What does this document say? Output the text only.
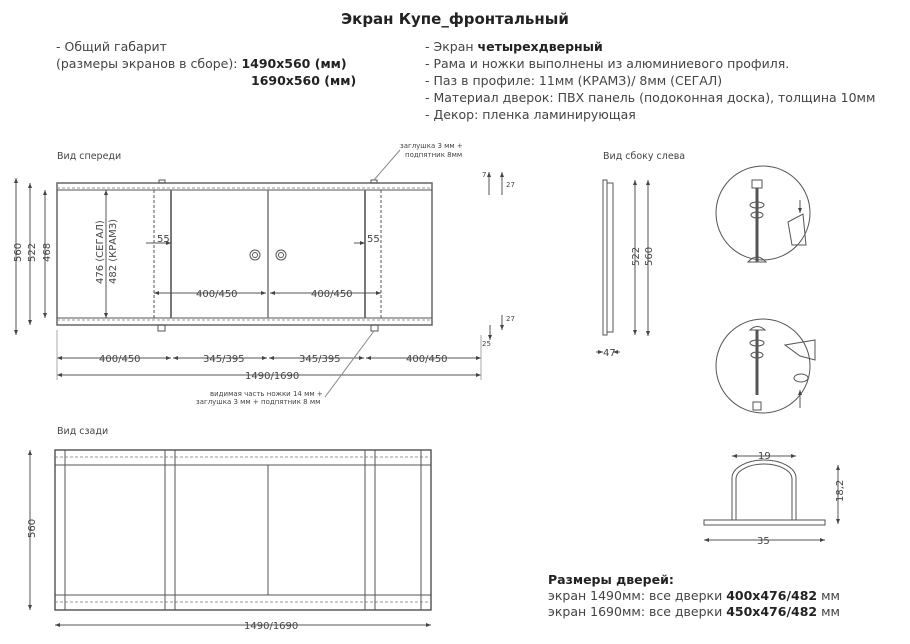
Экран Купе_фронтальный
- Общий габарит
(размеры экранов в сборе): 1490x560 (мм)
1690x560 (мм)
- Экран четырехдверный
- Рама и ножки выполнены из алюминиевого профиля.
- Паз в профиле: 11мм (КРАМЗ)/ 8мм (СЕГАЛ)
- Материал дверок: ПВХ панель (подоконная доска), толщина 10мм
- Декор: пленка ламинирующая
Вид спереди
заглушка 3 мм +
подпятник 8мм
видимая часть ножки 14 мм +
заглушка 3 мм + подпятник 8 мм
560 522 468	476 (СЕГАЛ) 482 (КРАМЗ)	55	55
400/450	400/450
400/450	345/395	345/395	400/450
1490/1690
7
27
27
25
Вид сбоку слева
522 560
47
Вид сзади
560
1490/1690
19
18,2
35
Размеры дверей:
экран 1490мм: все дверки 400x476/482 мм
экран 1690мм: все дверки 450x476/482 мм
